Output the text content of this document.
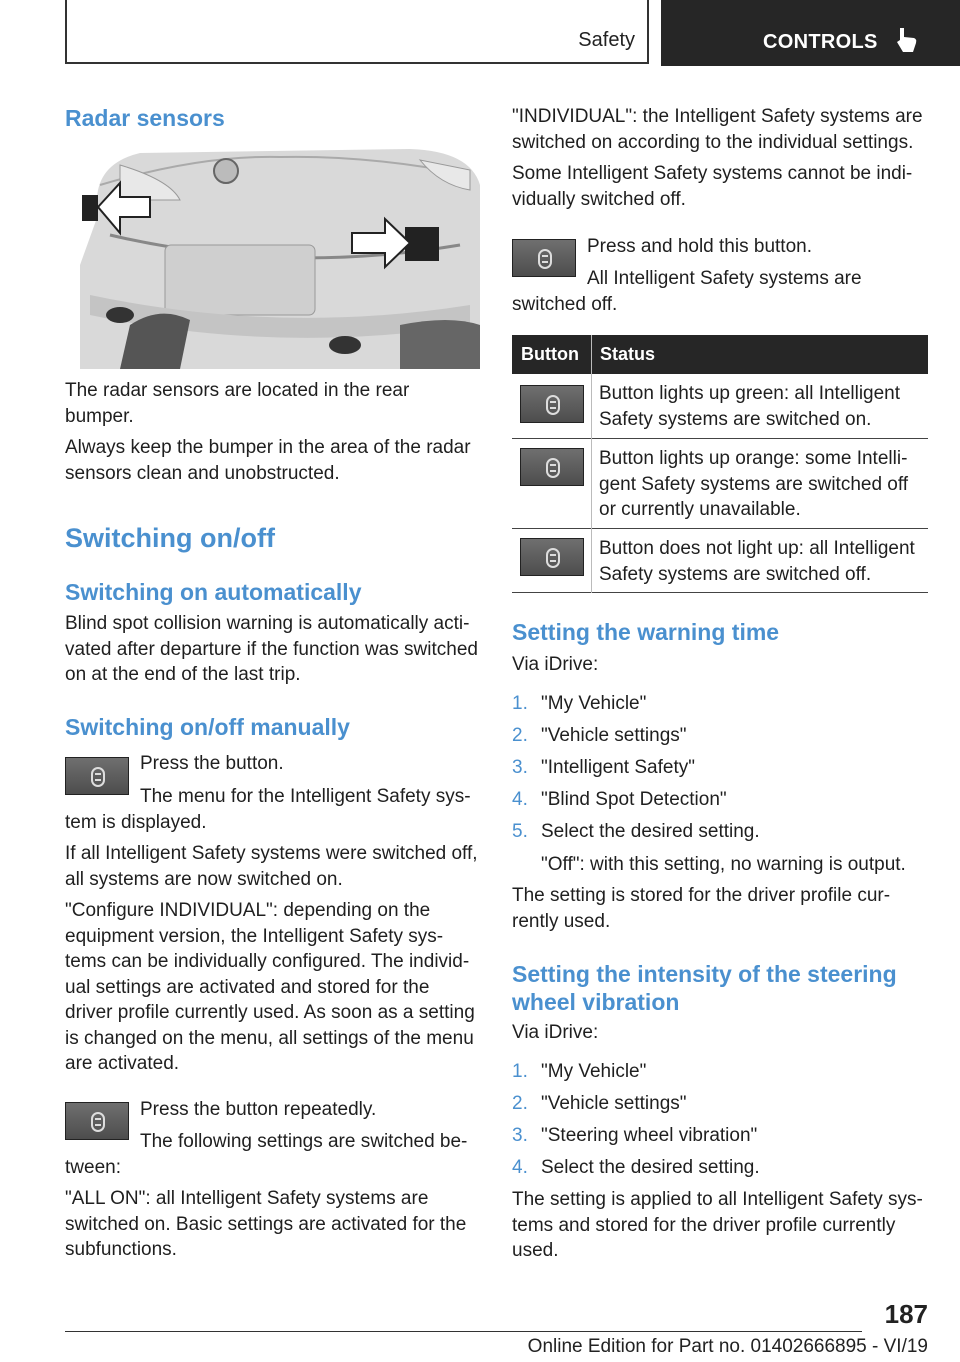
Safety	CONTROLS
Radar sensors
The radar sensors are located in the rear bumper.
Always keep the bumper in the area of the radar sensors clean and unobstructed.
Switching on/off
Switching on automatically
Blind spot collision warning is automatically acti‐ vated after departure if the function was switched on at the end of the last trip.
Switching on/off manually
Press the button.
The menu for the Intelligent Safety sys‐ tem is displayed.
If all Intelligent Safety systems were switched off, all systems are now switched on.
"Configure INDIVIDUAL": depending on the equipment version, the Intelligent Safety sys‐ tems can be individually configured. The individ‐ ual settings are activated and stored for the driver profile currently used. As soon as a setting is changed on the menu, all settings of the menu are activated.
Press the button repeatedly.
The following settings are switched be‐ tween:
"ALL ON": all Intelligent Safety systems are switched on. Basic settings are activated for the subfunctions.
"INDIVIDUAL": the Intelligent Safety systems are switched on according to the individual settings.
Some Intelligent Safety systems cannot be indi‐ vidually switched off.
Press and hold this button.
All Intelligent Safety systems are switched off.
Button Status
Button lights up green: all Intelligent Safety systems are switched on.
Button lights up orange: some Intelli‐ gent Safety systems are switched off or currently unavailable.
Button does not light up: all Intelligent Safety systems are switched off.
Setting the warning time
Via iDrive:
1. "My Vehicle"
2. "Vehicle settings"
3. "Intelligent Safety"
4. "Blind Spot Detection"
5. Select the desired setting.
"Off": with this setting, no warning is output.
The setting is stored for the driver profile cur‐ rently used.
Setting the intensity of the steering wheel vibration
Via iDrive:
1. "My Vehicle"
2. "Vehicle settings"
3. "Steering wheel vibration"
4. Select the desired setting.
The setting is applied to all Intelligent Safety sys‐ tems and stored for the driver profile currently used.
187
Online Edition for Part no. 01402666895 - VI/19
